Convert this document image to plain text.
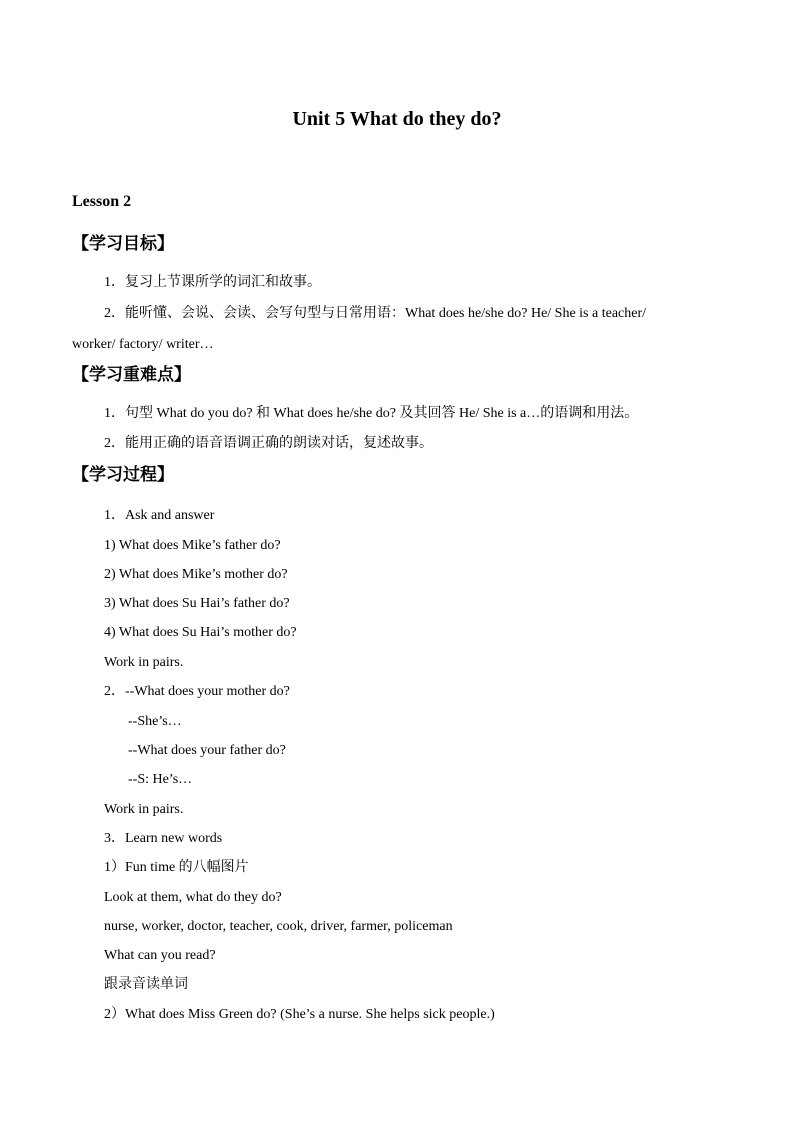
Unit 5 What do they do?
Lesson 2
【学习目标】
1．复习上节课所学的词汇和故事。
2．能听懂、会说、会读、会写句型与日常用语：What does he/she do? He/ She is a teacher/
worker/ factory/ writer…
【学习重难点】
1．句型 What do you do? 和 What does he/she do? 及其回答 He/ She is a…的语调和用法。
2．能用正确的语音语调正确的朗读对话，复述故事。
【学习过程】
1．Ask and answer
1) What does Mike’s father do?
2) What does Mike’s mother do?
3) What does Su Hai’s father do?
4) What does Su Hai’s mother do?
Work in pairs.
2．--What does your mother do?
--She’s…
--What does your father do?
--S: He’s…
Work in pairs.
3．Learn new words
1）Fun time 的八幅图片
Look at them, what do they do?
nurse, worker, doctor, teacher, cook, driver, farmer, policeman
What can you read?
跟录音读单词
2）What does Miss Green do? (She’s a nurse. She helps sick people.)
